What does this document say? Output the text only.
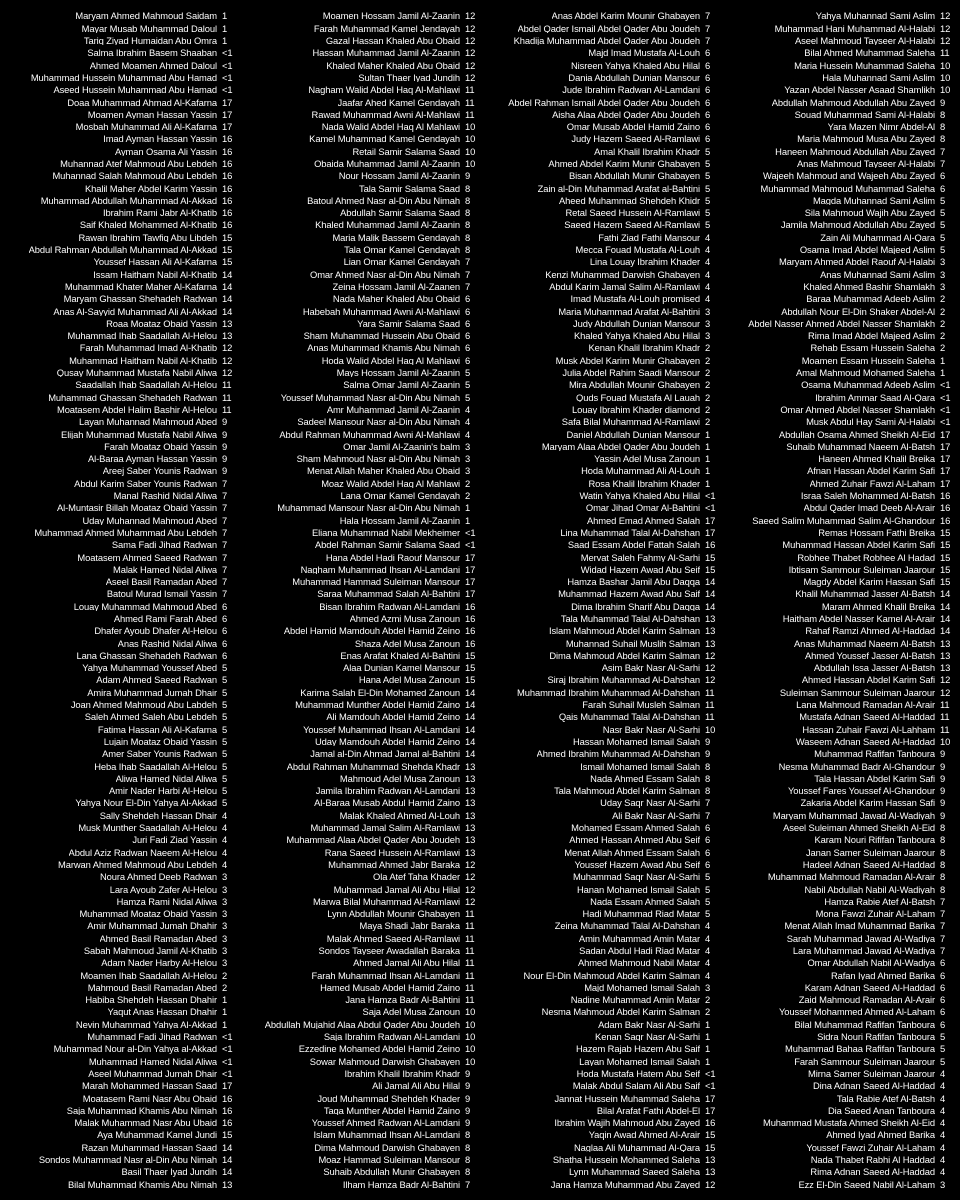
Maryam Ahmed Mahmoud Saidam 1
Mayar Musab Muhammad Daloul 1
Tariq Ziyad Humaidan Abu Omra 1
Salma Ibrahim Basem Shaaban <1
Ahmed Moamen Ahmed Daloul <1
Muhammad Hussein Muhammad Abu Hamad <1
Aseed Hussein Muhammad Abu Hamad <1
Doaa Muhammad Ahmad Al-Kafarna 17
Moamen Ayman Hassan Yassin 17
Mosbah Muhammad Ali Al-Kafarna 17
Imad Ayman Hassan Yassin 16
Ayman Osama Ali Yassin 16
Muhannad Atef Mahmoud Abu Lebdeh 16
Muhannad Salah Mahmoud Abu Lebdeh 16
Khalil Maher Abdel Karim Yassin 16
Muhammad Abdullah Muhammad Al-Akkad 16
Ibrahim Rami Jabr Al-Khatib 16
Saif Khaled Mohammed Al-Khatib 16
Rawan Ibrahim Tawfiq Abu Libdeh 15
Abdul Rahman Abdullah Muhammad Al-Akkad 15
Youssef Hassan Ali Al-Kafarna 15
Issam Haitham Nabil Al-Khatib 14
Muhammad Khater Maher Al-Kafarna 14
Maryam Ghassan Shehadeh Radwan 14
Anas Al-Sayyid Muhammad Ali Al-Akkad 14
Roaa Moataz Obaid Yassin 13
Muhammad Ihab Saadallah Al-Helou 13
Farah Muhammad Imad Al-Khatib 12
Muhammad Haitham Nabil Al-Khatib 12
Qusay Muhammad Mustafa Nabil Aliwa 12
Saadallah Ihab Saadallah Al-Helou 11
Muhammad Ghassan Shehadeh Radwan 11
Moatasem Abdel Halim Bashir Al-Helou 11
Layan Muhannad Mahmoud Abed 9
Elijah Muhammad Mustafa Nabil Aliwa 9
Farah Moataz Obaid Yassin 9
Al-Baraa Ayman Hassan Yassin 9
Areej Saber Younis Radwan 9
Abdul Karim Saber Younis Radwan 7
Manal Rashid Nidal Aliwa 7
Al-Muntasir Billah Moataz Obaid Yassin 7
Uday Muhannad Mahmoud Abed 7
Muhammad Ahmed Muhammad Abu Lebdeh 7
Sama Fadi Jihad Radwan 7
Moatasem Ahmed Saeed Radwan 7
Malak Hamed Nidal Aliwa 7
Aseel Basil Ramadan Abed 7
Batoul Murad Ismail Yassin 7
Louay Muhammad Mahmoud Abed 6
Ahmed Rami Farah Abed 6
Dhafer Ayoub Dhafer Al-Helou 6
Anas Rashid Nidal Aliwa 6
Lana Ghassan Shehadeh Radwan 6
Yahya Muhammad Youssef Abed 5
Adam Ahmed Saeed Radwan 5
Amira Muhammad Jumah Dhair 5
Joan Ahmed Mahmoud Abu Labdeh 5
Saleh Ahmed Saleh Abu Lebdeh 5
Fatima Hassan Ali Al-Kafarna 5
Lujain Moataz Obaid Yassin 5
Amer Saber Younis Radwan 5
Heba Ihab Saadallah Al-Helou 5
Aliwa Hamed Nidal Aliwa 5
Amir Nader Harbi Al-Helou 5
Yahya Nour El-Din Yahya Al-Akkad 5
Sally Shehdeh Hassan Dhair 4
Musk Munther Saadallah Al-Helou 4
Juri Fadi Ziad Yassin 4
Abdul Aziz Radwan Naeem Al-Helou 4
Marwan Ahmed Mahmoud Abu Lebdeh 4
Noura Ahmed Deeb Radwan 3
Lara Ayoub Zafer Al-Helou 3
Hamza Rami Nidal Aliwa 3
Muhammad Moataz Obaid Yassin 3
Amir Muhammad Jumah Dhahir 3
Ahmed Basil Ramadan Abed 3
Sabah Mahmoud Jamil Al-Khatib 3
Adam Nader Harby Al-Helou 3
Moamen Ihab Saadallah Al-Helou 2
Mahmoud Basil Ramadan Abed 2
Habiba Shehdeh Hassan Dhahir 1
Yaqut Anas Hassan Dhahir 1
Nevin Muhammad Yahya Al-Akkad 1
Muhammad Fadi Jihad Radwan <1
Muhammad Nour al-Din Yahya al-Akkad <1
Muhammad Hamed Nidal Aliwa <1
Aseel Muhammad Jumah Dhair <1
Marah Mohammed Hassan Saad 17
Moatasem Rami Nasr Abu Obaid 16
Saja Muhammad Khamis Abu Nimah 16
Malak Muhammad Nasr Abu Ubaid 16
Aya Muhammad Kamel Jundi 15
Razan Muhammad Hassan Saad 14
Sondos Muhammad Nasr al-Din Abu Nimah 14
Basil Thaer Iyad Jundih 14
Bilal Muhammad Khamis Abu Nimah 13
Moamen Hossam Jamil Al-Zaanin 12
Farah Muhammad Kamel Jendayah 12
Gazal Hassan Khaled Abu Obaid 12
Hassan Muhammad Jamil Al-Zaanin 12
Khaled Maher Khaled Abu Obaid 12
Sultan Thaer Iyad Jundih 12
Nagham Walid Abdel Haq Al-Mahlawi 11
Jaafar Ahed Kamel Gendayah 11
Rawad Muhammad Awni Al-Mahlawi 11
Nada Walid Abdel Haq Al Mahlawi 10
Kamel Muhammad Kamel Gendayah 10
Retail Samir Salama Saad 10
Obaida Muhammad Jamil Al-Zaanin 10
Nour Hossam Jamil Al-Zaanin 9
Tala Samir Salama Saad 8
Batoul Ahmed Nasr al-Din Abu Nimah 8
Abdullah Samir Salama Saad 8
Khaled Muhammad Jamil Al-Zaanin 8
Maria Malik Bassem Gendayah 8
Tala Omar Kamel Gendayah 8
Lian Omar Kamel Gendayah 7
Omar Ahmed Nasr al-Din Abu Nimah 7
Zeina Hossam Jamil Al-Zaanen 7
Nada Maher Khaled Abu Obaid 6
Habebah Muhammad Awni Al-Mahlawi 6
Yara Samir Salama Saad 6
Sham Muhammad Hussein Abu Obaid 6
Anas Muhammad Khamis Abu Nimah 6
Hoda Walid Abdel Haq Al Mahlawi 6
Mays Hossam Jamil Al-Zaanin 5
Salma Omar Jamil Al-Zaanin 5
Youssef Muhammad Nasr al-Din Abu Nimah 5
Amr Muhammad Jamil Al-Zaanin 4
Sadeel Mansour Nasr al-Din Abu Nimah 4
Abdul Rahman Muhammad Awni Al-Mahlawi 4
Omar Jamil Al-Zaanin's balm 3
Sham Mahmoud Nasr al-Din Abu Nimah 3
Menat Allah Maher Khaled Abu Obaid 3
Moaz Walid Abdel Haq Al Mahlawi 2
Lana Omar Kamel Gendayah 2
Muhammad Mansour Nasr al-Din Abu Nimah 1
Hala Hossam Jamil Al-Zaanin 1
Eliana Muhammad Nabil Mekheimer <1
Abdel Rahman Samir Salama Saad <1
Hana Abdel Hadi Raouf Mansour 17
Nagham Muhammad Ihsan Al-Lamdani 17
Muhammad Hammad Suleiman Mansour 17
Saraa Muhammad Salah Al-Bahtini 17
Bisan Ibrahim Radwan Al-Lamdani 16
Ahmed Azmi Musa Zanoun 16
Abdel Hamid Mamdouh Abdel Hamid Zeino 16
Shaza Adel Musa Zanoun 16
Enas Arafat Khaled Al-Bahtini 15
Alaa Dunian Kamel Mansour 15
Hana Adel Musa Zanoun 15
Karima Salah El-Din Mohamed Zanoun 14
Muhammad Munther Abdel Hamid Zaino 14
Ali Mamdouh Abdel Hamid Zeino 14
Youssef Muhammad Ihsan Al-Lamdani 14
Uday Mamdouh Abdel Hamid Zeino 14
Jamal al-Din Ahmad Jamal al-Bahtini 14
Abdul Rahman Muhammad Shehda Khadr 13
Mahmoud Adel Musa Zanoun 13
Jamila Ibrahim Radwan Al-Lamdani 13
Al-Baraa Musab Abdul Hamid Zaino 13
Malak Khaled Ahmed Al-Louh 13
Muhammad Jamal Salim Al-Ramlawi 13
Muhammad Alaa Abdel Qader Abu Joudeh 13
Rana Saeed Hussein Al-Ramlawi 13
Muhammad Ahmed Jabr Baraka 12
Ola Atef Taha Khader 12
Muhammad Jamal Ali Abu Hilal 12
Marwa Bilal Muhammad Al-Ramlawi 12
Lynn Abdullah Mounir Ghabayen 11
Maya Shadi Jabr Baraka 11
Malak Ahmed Saeed Al-Ramlawi 11
Sondos Tayseer Awadallah Baraka 11
Ahmed Jamal Ali Abu Hilal 11
Farah Muhammad Ihsan Al-Lamdani 11
Hamed Musab Abdel Hamid Zaino 11
Jana Hamza Badr Al-Bahtini 11
Saja Adel Musa Zanoun 10
Abdullah Mujahid Alaa Abdul Qader Abu Joudeh 10
Saja Ibrahim Radwan Al-Lamdani 10
Ezzedine Mohamed Abdel Hamid Zeino 10
Sowar Mahmoud Darwish Ghabayen 10
Ibrahim Khalil Ibrahim Khadr 9
Ali Jamal Ali Abu Hilal 9
Joud Muhammad Shehdeh Khader 9
Taqa Munther Abdel Hamid Zaino 9
Youssef Ahmed Radwan Al-Lamdani 9
Islam Muhammad Ihsan Al-Lamdani 8
Dima Mahmoud Darwish Ghabayen 8
Moaz Hammad Suleiman Mansour 8
Suhaib Abdullah Munir Ghabayen 8
Ilham Hamza Badr Al-Bahtini 7
Anas Abdel Karim Mounir Ghabayen 7
Abdel Qader Ismail Abdel Qader Abu Joudeh 7
Khadija Muhammad Abdel Qader Abu Joudeh 7
Majd Imad Mustafa Al-Louh 6
Nisreen Yahya Khaled Abu Hilal 6
Dania Abdullah Dunian Mansour 6
Jude Ibrahim Radwan Al-Lamdani 6
Abdel Rahman Ismail Abdel Qader Abu Joudeh 6
Aisha Alaa Abdel Qader Abu Joudeh 6
Omar Musab Abdel Hamid Zaino 6
Judy Hazem Saeed Al-Ramlawi 6
Amal Khalil Ibrahim Khadr 5
Ahmed Abdel Karim Munir Ghabayen 5
Bisan Abdullah Munir Ghabayen 5
Zain al-Din Muhammad Arafat al-Bahtini 5
Aheed Muhammad Shehdeh Khidr 5
Retal Saeed Hussein Al-Ramlawi 5
Saeed Hazem Saeed Al-Ramlawi 5
Fathi Ziad Fathi Mansour 4
Mecca Fouad Mustafa Al-Louh 4
Lina Louay Ibrahim Khader 4
Kenzi Muhammad Darwish Ghabayen 4
Abdul Karim Jamal Salim Al-Ramlawi 4
Imad Mustafa Al-Louh promised 4
Maria Muhammad Arafat Al-Bahtini 3
Judy Abdullah Dunian Mansour 3
Khaled Yahya Khaled Abu Hilal 3
Kenan Khalil Ibrahim Khadr 2
Musk Abdel Karim Munir Ghabayen 2
Julia Abdel Rahim Saadi Mansour 2
Mira Abdullah Mounir Ghabayen 2
Quds Fouad Mustafa Al Lauah 2
Louay Ibrahim Khader diamond 2
Safa Bilal Muhammad Al-Ramlawi 2
Daniel Abdullah Dunian Mansour 1
Maryam Alaa Abdel Qader Abu Joudeh 1
Yassin Adel Musa Zanoun 1
Hoda Muhammad Ali Al-Louh 1
Rosa Khalil Ibrahim Khader 1
Watin Yahya Khaled Abu Hilal <1
Omar Jihad Omar Al-Bahtini <1
Ahmed Emad Ahmed Salah 17
Lina Muhammad Talal Al-Dahshan 17
Saad Essam Abdel Fattah Salah 16
Mervat Saleh Fahmy Al-Sarhi 15
Widad Hazem Awad Abu Seif 15
Hamza Bashar Jamil Abu Daqqa 14
Muhammad Hazem Awad Abu Saif 14
Dima Ibrahim Sharif Abu Daqqa 14
Tala Muhammad Talal Al-Dahshan 13
Islam Mahmoud Abdel Karim Salman 13
Muhannad Suhail Muslih Salman 13
Dima Mahmoud Abdel Karim Salman 12
Asim Bakr Nasr Al-Sarhi 12
Siraj Ibrahim Muhammad Al-Dahshan 12
Muhammad Ibrahim Muhammad Al-Dahshan 11
Farah Suhail Musleh Salman 11
Qais Muhammad Talal Al-Dahshan 11
Nasr Bakr Nasr Al-Sarhi 10
Hassan Mohamed Ismail Salah 9
Ahmed Ibrahim Muhammad Al-Dahshan 9
Ismail Mohamed Ismail Salah 8
Nada Ahmed Essam Salah 8
Tala Mahmoud Abdel Karim Salman 8
Uday Saqr Nasr Al-Sarhi 7
Ali Bakr Nasr Al-Sarhi 7
Mohamed Essam Ahmed Salah 6
Ahmed Hassan Ahmed Abu Seif 6
Menat Allah Ahmed Essam Salah 6
Youssef Hazem Awad Abu Seif 6
Muhammad Saqr Nasr Al-Sarhi 5
Hanan Mohamed Ismail Salah 5
Nada Essam Ahmed Salah 5
Hadi Muhammad Riad Matar 5
Zeina Muhammad Talal Al-Dahshan 4
Amin Muhammad Amin Matar 4
Sadan Abdul Hadi Riad Matar 4
Ahmed Mahmoud Nabil Matar 4
Nour El-Din Mahmoud Abdel Karim Salman 4
Majd Mohamed Ismail Salah 3
Nadine Muhammad Amin Matar 2
Nesma Mahmoud Abdel Karim Salman 2
Adam Bakr Nasr Al-Sarhi 1
Kenan Saqr Nasr Al-Sarhi 1
Hazem Rajab Hazem Abu Saif 1
Layan Mohamed Ismail Salah 1
Hoda Mustafa Hatem Abu Seif <1
Malak Abdul Salam Ali Abu Saif <1
Jannat Hussein Muhammad Saleha 17
Bilal Arafat Fathi Abdel-El 17
Ibrahim Wajih Mahmoud Abu Zayed 16
Yaqin Awad Ahmed Al-Arair 15
Naglaa Ali Muhammad Al-Qara 15
Shatha Hussein Mohammed Saleha 13
Lynn Muhammad Saeed Saleha 13
Jana Hamza Muhammad Abu Zayed 12
Yahya Muhannad Sami Aslim 12
Muhammad Hani Muhammad Al-Halabi 12
Aseel Mahmoud Tayseer Al-Halabi 12
Bilal Ahmed Muhammad Saleha 11
Maria Hussein Muhammad Saleha 10
Hala Muhannad Sami Aslim 10
Yazan Abdel Nasser Asaad Shamlikh 10
Abdullah Mahmoud Abdullah Abu Zayed 9
Souad Muhammad Sami Al-Halabi 8
Yara Mazen Nimr Abdel-Al 8
Maria Mahmoud Musa Abu Zayed 8
Haneen Mahmoud Abdullah Abu Zayed 7
Anas Mahmoud Tayseer Al-Halabi 7
Wajeeh Mahmoud and Wajeeh Abu Zayed 6
Muhammad Mahmoud Muhammad Saleha 6
Magda Muhannad Sami Aslim 5
Sila Mahmoud Wajih Abu Zayed 5
Jamila Mahmoud Abdullah Abu Zayed 5
Zain Ali Muhammad Al-Qara 5
Osama Imad Abdel Majeed Aslim 5
Maryam Ahmed Abdel Raouf Al-Halabi 3
Anas Muhannad Sami Aslim 3
Khaled Ahmed Bashir Shamlakh 3
Baraa Muhammad Adeeb Aslim 2
Abdullah Nour El-Din Shaker Abdel-Al 2
Abdel Nasser Ahmed Abdel Nasser Shamlakh 2
Rima Imad Abdel Majeed Aslim 2
Rehab Essam Hussein Saleha 2
Moamen Essam Hussein Saleha 1
Amal Mahmoud Mohamed Saleha 1
Osama Muhammad Adeeb Aslim <1
Ibrahim Ammar Saad Al-Qara <1
Omar Ahmed Abdel Nasser Shamlakh <1
Musk Abdul Hay Sami Al-Halabi <1
Abdullah Osama Ahmed Sheikh Al-Eid 17
Suhaib Muhammad Naeem Al-Batsh 17
Haneen Ahmed Khalil Breika 17
Afnan Hassan Abdel Karim Safi 17
Ahmed Zuhair Fawzi Al-Laham 17
Israa Saleh Mohammed Al-Batsh 16
Abdul Qader Imad Deeb Al-Arair 16
Saeed Salim Muhammad Salim Al-Ghandour 16
Remas Hossam Fathi Breika 15
Muhammad Hassan Abdel Karim Safi 15
Robhee Thabet Robhee Al Hadad 15
Ibtisam Sammour Suleiman Jaarour 15
Magdy Abdel Karim Hassan Safi 15
Khalil Muhammad Jasser Al-Batsh 14
Maram Ahmed Khalil Breika 14
Haitham Abdel Nasser Kamel Al-Arair 14
Rahaf Ramzi Ahmed Al-Haddad 14
Anas Muhammad Naeem Al-Batsh 13
Ahmed Youssef Jasser Al-Batsh 13
Abdullah Issa Jasser Al-Batsh 13
Ahmed Hassan Abdel Karim Safi 12
Suleiman Sammour Suleiman Jaarour 12
Lana Mahmoud Ramadan Al-Arair 11
Mustafa Adnan Saeed Al-Haddad 11
Hassan Zuhair Fawzi Al-Lahham 11
Waseem Adnan Saeed Al-Haddad 10
Muhammad Rafifan Tanboura 9
Nesma Muhammad Badr Al-Ghandour 9
Tala Hassan Abdel Karim Safi 9
Youssef Fares Youssef Al-Ghandour 9
Zakaria Abdel Karim Hassan Safi 9
Maryam Muhammad Jawad Al-Wadiyah 9
Aseel Suleiman Ahmed Sheikh Al-Eid 8
Karam Nouri Rififan Tanboura 8
Janan Samer Suleiman Jaarour 8
Hadeel Adnan Saeed Al-Haddad 8
Muhammad Mahmoud Ramadan Al-Arair 8
Nabil Abdullah Nabil Al-Wadiyah 8
Hamza Rabie Atef Al-Batsh 7
Mona Fawzi Zuhair Al-Laham 7
Menat Allah Imad Muhammad Barika 7
Sarah Muhammad Jawad Al-Wadiya 7
Lara Muhammad Jawad Al-Wadiya 7
Omar Abdullah Nabil Al-Wadiya 6
Rafan Iyad Ahmed Barika 6
Karam Adnan Saeed Al-Haddad 6
Zaid Mahmoud Ramadan Al-Arair 6
Youssef Mohammed Ahmed Al-Laham 6
Bilal Muhammad Rafifan Tanboura 6
Sidra Nouri Rafifan Tanboura 5
Muhammad Bahaa Rafifan Tanboura 5
Farah Sammour Suleiman Jaarour 5
Mirna Samer Suleiman Jaarour 4
Dina Adnan Saeed Al-Haddad 4
Tala Rabie Atef Al-Batsh 4
Dia Saeed Anan Tanboura 4
Muhammad Mustafa Ahmed Sheikh Al-Eid 4
Ahmed Iyad Ahmed Barika 4
Youssef Fawzi Zuhair Al-Laham 4
Nada Thabet Rabhi Al Haddad 4
Rima Adnan Saeed Al-Haddad 4
Ezz El-Din Saeed Nabil Al-Laham 3
